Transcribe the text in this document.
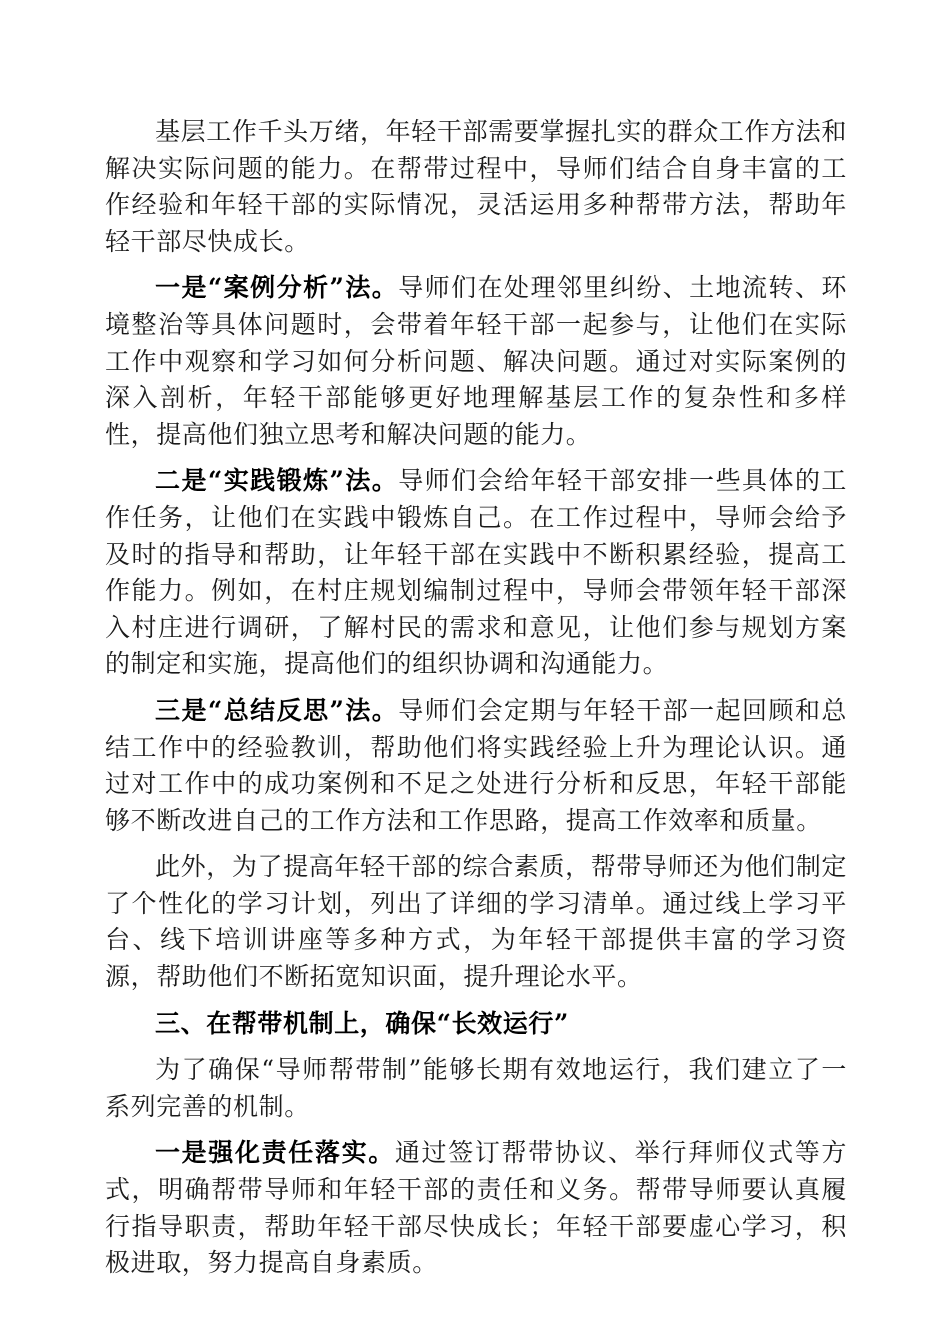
基层工作千头万绪，年轻干部需要掌握扎实的群众工作方法和解决实际问题的能力。在帮带过程中，导师们结合自身丰富的工作经验和年轻干部的实际情况，灵活运用多种帮带方法，帮助年轻干部尽快成长。

一是“案例分析”法。导师们在处理邻里纠纷、土地流转、环境整治等具体问题时，会带着年轻干部一起参与，让他们在实际工作中观察和学习如何分析问题、解决问题。通过对实际案例的深入剖析，年轻干部能够更好地理解基层工作的复杂性和多样性，提高他们独立思考和解决问题的能力。

二是“实践锻炼”法。导师们会给年轻干部安排一些具体的工作任务，让他们在实践中锻炼自己。在工作过程中，导师会给予及时的指导和帮助，让年轻干部在实践中不断积累经验，提高工作能力。例如，在村庄规划编制过程中，导师会带领年轻干部深入村庄进行调研，了解村民的需求和意见，让他们参与规划方案的制定和实施，提高他们的组织协调和沟通能力。

三是“总结反思”法。导师们会定期与年轻干部一起回顾和总结工作中的经验教训，帮助他们将实践经验上升为理论认识。通过对工作中的成功案例和不足之处进行分析和反思，年轻干部能够不断改进自己的工作方法和工作思路，提高工作效率和质量。

此外，为了提高年轻干部的综合素质，帮带导师还为他们制定了个性化的学习计划，列出了详细的学习清单。通过线上学习平台、线下培训讲座等多种方式，为年轻干部提供丰富的学习资源，帮助他们不断拓宽知识面，提升理论水平。

三、在帮带机制上，确保“长效运行”

为了确保“导师帮带制”能够长期有效地运行，我们建立了一系列完善的机制。

一是强化责任落实。通过签订帮带协议、举行拜师仪式等方式，明确帮带导师和年轻干部的责任和义务。帮带导师要认真履行指导职责，帮助年轻干部尽快成长；年轻干部要虚心学习，积极进取，努力提高自身素质。
